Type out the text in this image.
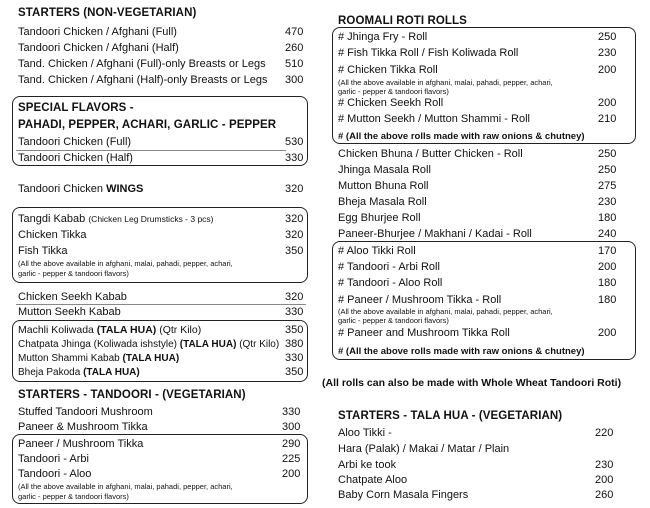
STARTERS (NON-VEGETARIAN)
Tandoori Chicken / Afghani (Full)	470
Tandoori Chicken / Afghani (Half)	260
Tand. Chicken / Afghani (Full)-only Breasts or Legs 510
Tand. Chicken / Afghani (Half)-only Breasts or Legs 300
SPECIAL FLAVORS -
PAHADI, PEPPER, ACHARI, GARLIC - PEPPER
Tandoori Chicken (Full)	530
Tandoori Chicken (Half)	330
Tandoori Chicken WINGS	320
Tangdi Kabab (Chicken Leg Drumsticks - 3 pcs)	320
Chicken Tikka	320
Fish Tikka	350
(All the above available in afghani, malai, pahadi, pepper, achari,
garlic - pepper & tandoori flavors)
Chicken Seekh Kabab	320
Mutton Seekh Kabab	330
Machli Koliwada (TALA HUA) (Qtr Kilo)	350
Chatpata Jhinga (Koliwada ishstyle) (TALA HUA) (Qtr Kilo) 380
Mutton Shammi Kabab (TALA HUA)	330
Bheja Pakoda (TALA HUA)	350
STARTERS - TANDOORI - (VEGETARIAN)
Stuffed Tandoori Mushroom	330
Paneer & Mushroom Tikka	300
Paneer / Mushroom Tikka	290
Tandoori - Arbi	225
Tandoori - Aloo	200
(All the above available in afghani, malai, pahadi, pepper, achari,
garlic - pepper & tandoori flavors)
ROOMALI ROTI ROLLS
# Jhinga Fry - Roll	250
# Fish Tikka Roll / Fish Koliwada Roll	230
# Chicken Tikka Roll	200
(All the above available in afghani, malai, pahadi, pepper, achari,
garlic - pepper & tandoori flavors)
# Chicken Seekh Roll	200
# Mutton Seekh / Mutton Shammi - Roll	210
# (All the above rolls made with raw onions & chutney)
Chicken Bhuna / Butter Chicken - Roll	250
Jhinga Masala Roll	250
Mutton Bhuna Roll	275
Bheja Masala Roll	230
Egg Bhurjee Roll	180
Paneer-Bhurjee / Makhani / Kadai - Roll	240
# Aloo Tikki Roll	170
# Tandoori - Arbi Roll	200
# Tandoori - Aloo Roll	180
# Paneer / Mushroom Tikka - Roll	180
(All the above available in afghani, malai, pahadi, pepper, achari,
garlic - pepper & tandoori flavors)
# Paneer and Mushroom Tikka Roll	200
# (All the above rolls made with raw onions & chutney)
(All rolls can also be made with Whole Wheat Tandoori Roti)
STARTERS - TALA HUA - (VEGETARIAN)
Aloo Tikki -	220
Hara (Palak) / Makai / Matar / Plain
Arbi ke took	230
Chatpate Aloo	200
Baby Corn Masala Fingers	260
